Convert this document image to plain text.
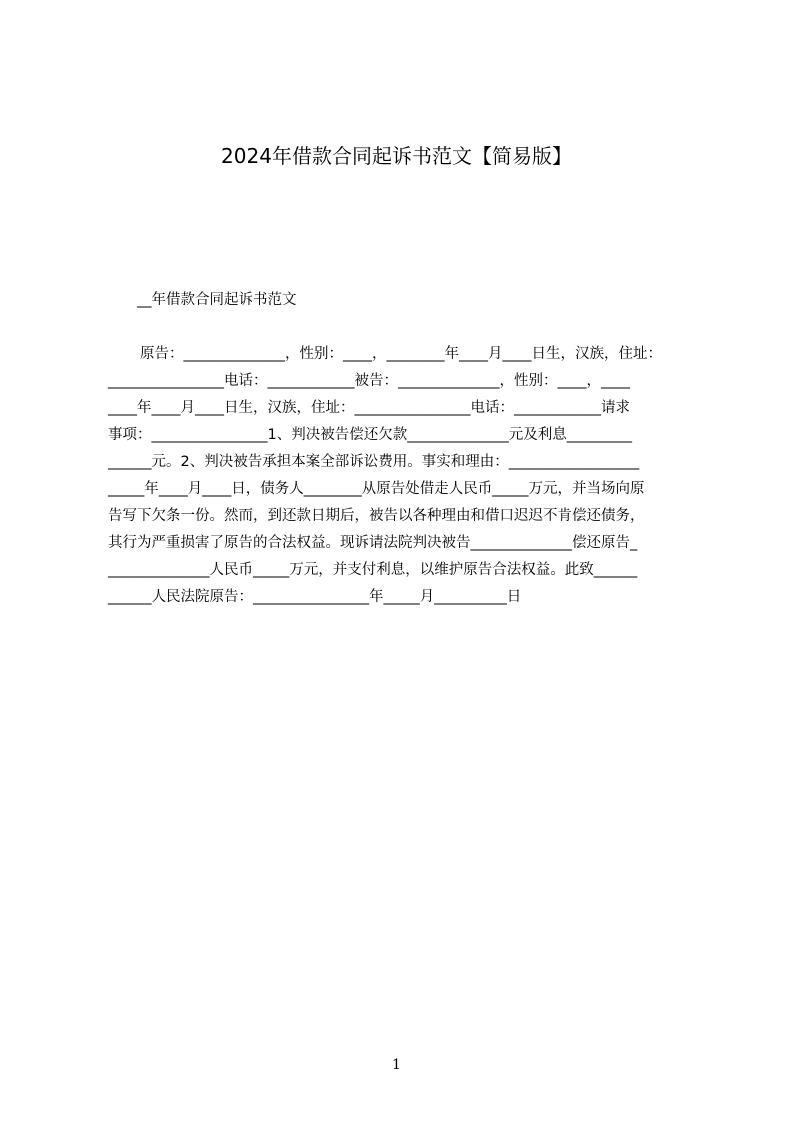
2024年借款合同起诉书范文【简易版】
__年借款合同起诉书范文
原告：______________，性别：____，________年____月____日生，汉族，住址：
________________电话：____________被告：______________，性别：____，____
____年____月____日生，汉族，住址：________________电话：____________请求
事项：________________1、判决被告偿还欠款______________元及利息_________
______元。2、判决被告承担本案全部诉讼费用。事实和理由：__________________
_____年____月____日，债务人________从原告处借走人民币_____万元，并当场向原
告写下欠条一份。然而，到还款日期后，被告以各种理由和借口迟迟不肯偿还债务，
其行为严重损害了原告的合法权益。现诉请法院判决被告______________偿还原告_
______________人民币_____万元，并支付利息，以维护原告合法权益。此致______
______人民法院原告：________________年_____月__________日
1
